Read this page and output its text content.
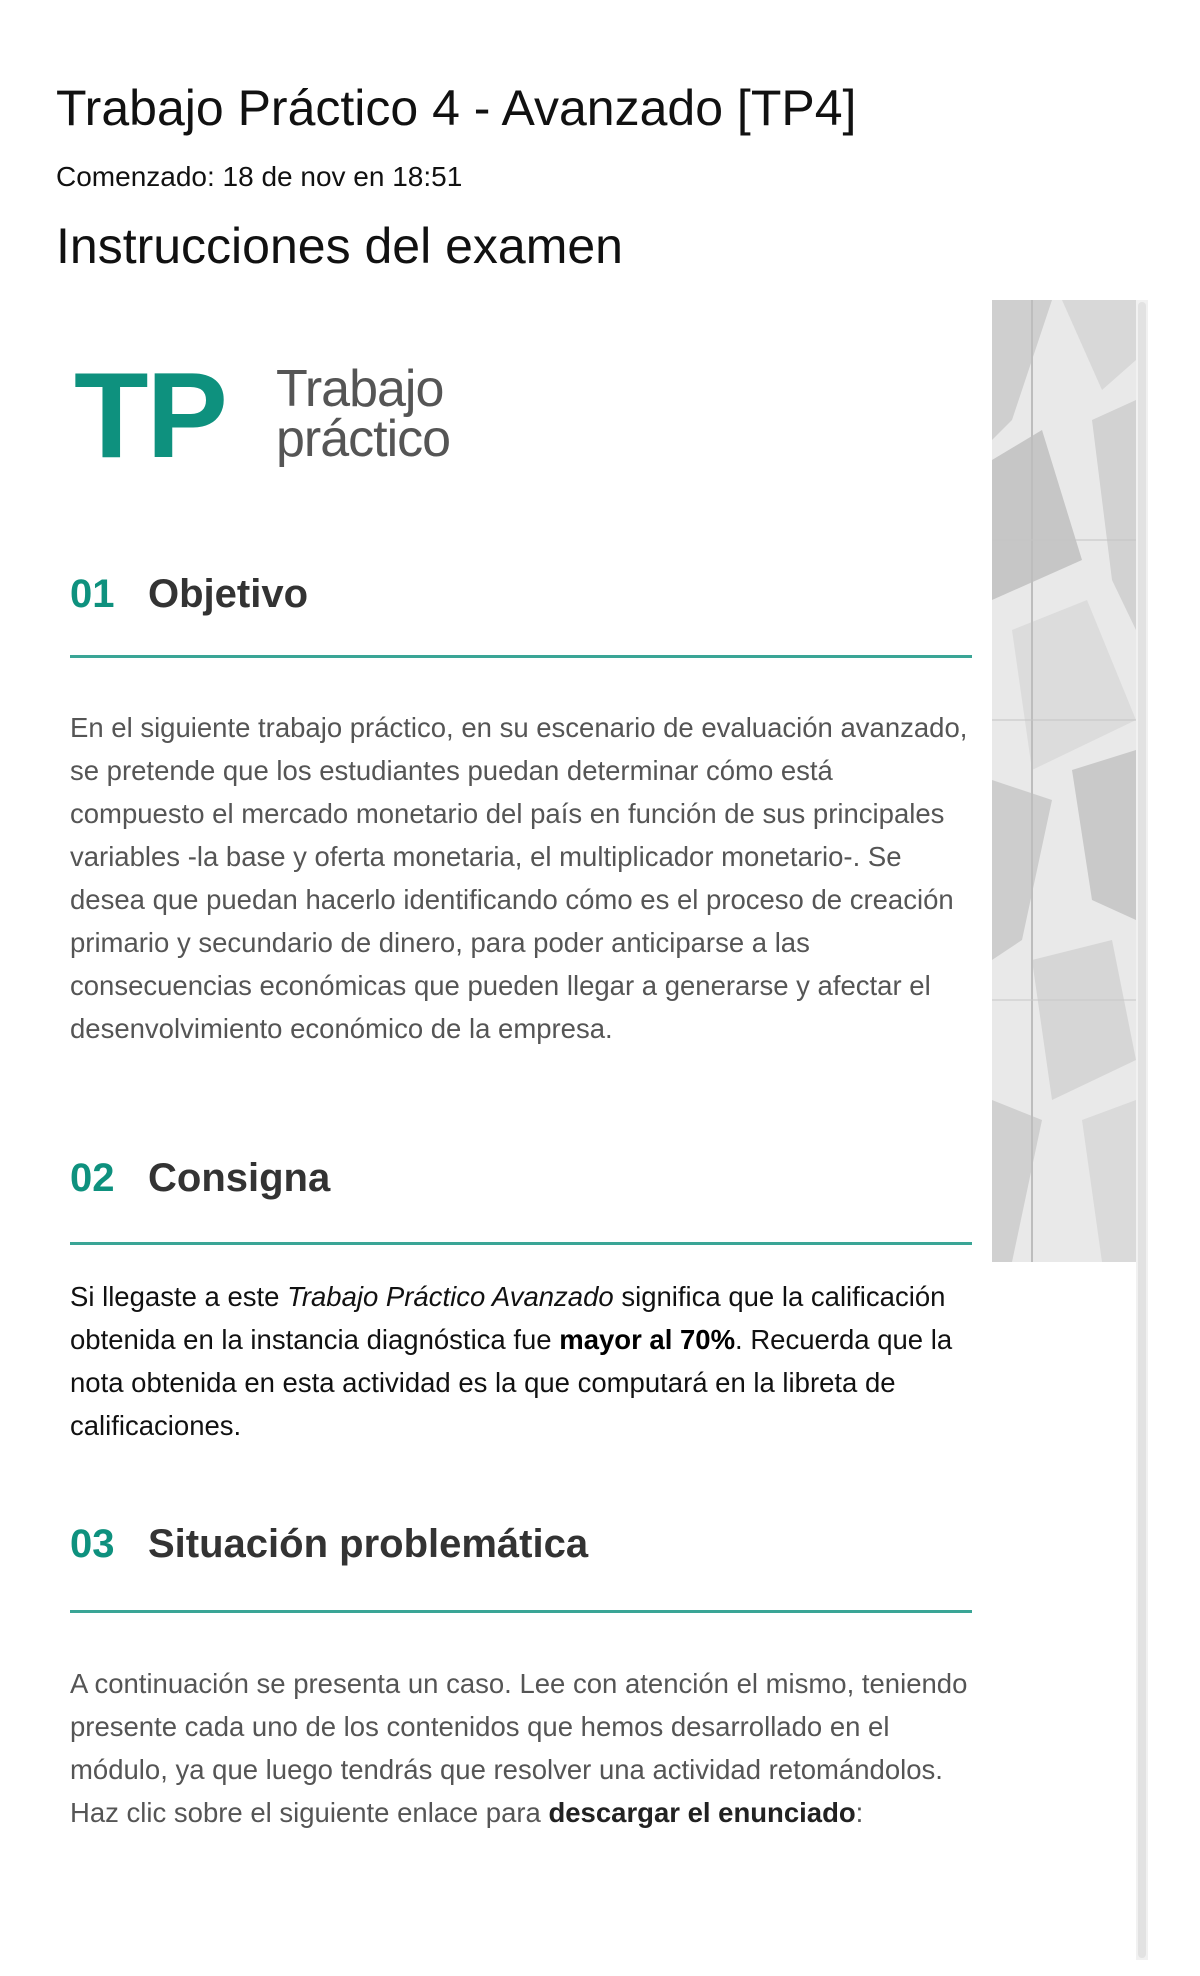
Trabajo Práctico 4 - Avanzado [TP4]
Comenzado: 18 de nov en 18:51
Instrucciones del examen
TP Trabajo
práctico
01 Objetivo

En el siguiente trabajo práctico, en su escenario de evaluación avanzado, se pretende que los estudiantes puedan determinar cómo está compuesto el mercado monetario del país en función de sus principales variables -la base y oferta monetaria, el multiplicador monetario-. Se desea que puedan hacerlo identificando cómo es el proceso de creación primario y secundario de dinero, para poder anticiparse a las consecuencias económicas que pueden llegar a generarse y afectar el desenvolvimiento económico de la empresa.

02 Consigna

Si llegaste a este Trabajo Práctico Avanzado significa que la calificación obtenida en la instancia diagnóstica fue mayor al 70%. Recuerda que la nota obtenida en esta actividad es la que computará en la libreta de calificaciones.

03 Situación problemática

A continuación se presenta un caso. Lee con atención el mismo, teniendo presente cada uno de los contenidos que hemos desarrollado en el módulo, ya que luego tendrás que resolver una actividad retomándolos. Haz clic sobre el siguiente enlace para descargar el enunciado:
